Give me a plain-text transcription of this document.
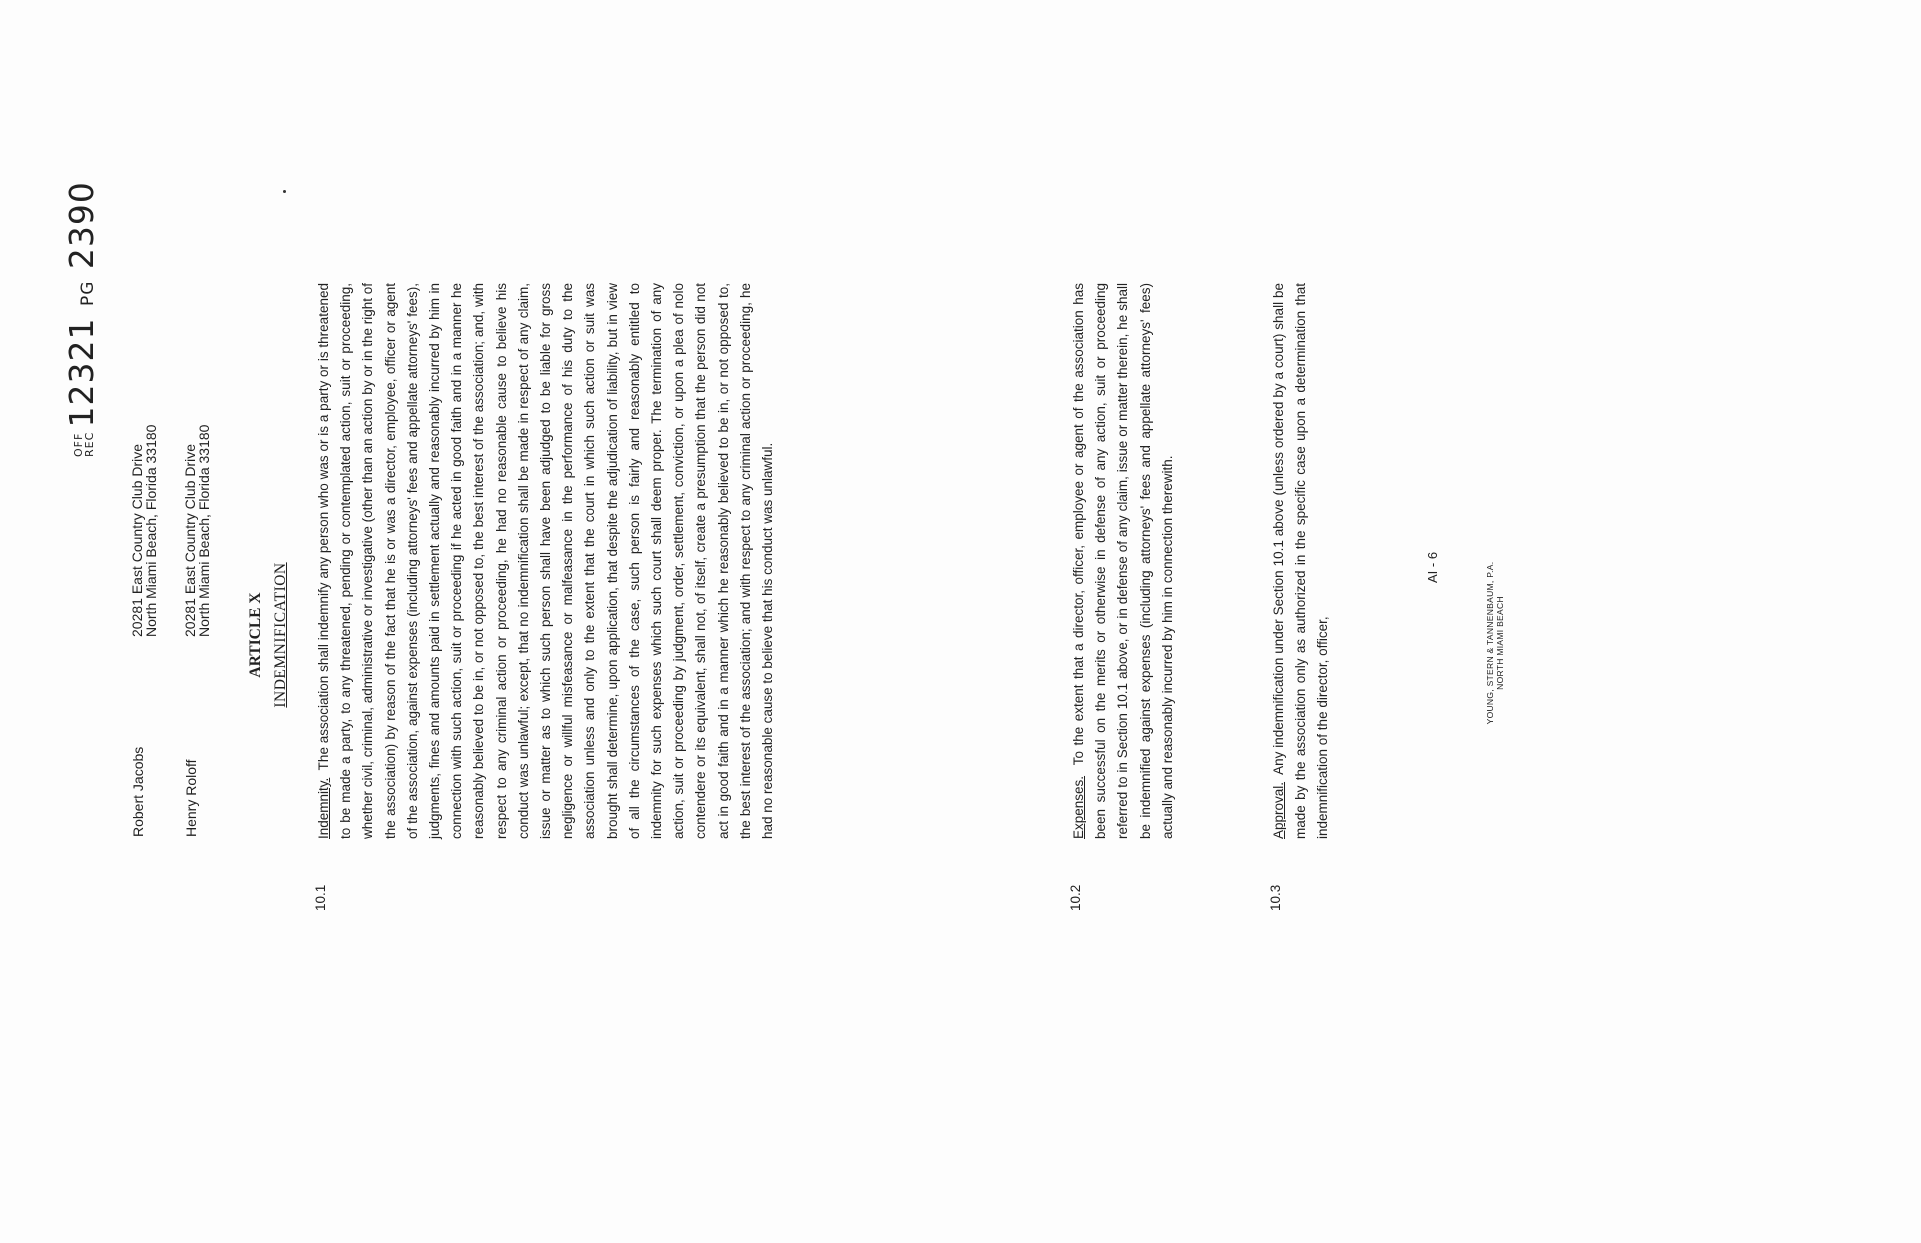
OFF
REC 12321 PG 2390
Robert Jacobs
20281 East Country Club Drive
North Miami Beach, Florida 33180
Henry Roloff
20281 East Country Club Drive
North Miami Beach, Florida 33180 ARTICLE X INDEMNIFICATION
10.1
Indemnity.  The association shall indemnify any person who was or is a party or is threatened to be made a party, to any threatened, pending or contemplated action, suit or proceeding, whether civil, criminal, administrative or investigative (other than an action by or in the right of the association) by reason of the fact that he is or was a director, employee, officer or agent of the association, against expenses (including attorneys' fees and appellate attorneys' fees), judgments, fines and amounts paid in settlement actually and reasonably incurred by him in connection with such action, suit or proceeding if he acted in good faith and in a manner he reasonably believed to be in, or not opposed to, the best interest of the association; and, with respect to any criminal action or proceeding, he had no reasonable cause to believe his conduct was unlawful; except, that no indemnification shall be made in respect of any claim, issue or matter as to which such person shall have been adjudged to be liable for gross negligence or willful misfeasance or malfeasance in the performance of his duty to the association unless and only to the extent that the court in which such action or suit was brought shall determine, upon application, that despite the adjudication of liability, but in view of all the circumstances of the case, such person is fairly and reasonably entitled to indemnity for such expenses which such court shall deem proper. The termination of any action, suit or proceeding by judgment, order, settlement, conviction, or upon a plea of nolo contendere or its equivalent, shall not, of itself, create a presumption that the person did not act in good faith and in a manner which he reasonably believed to be in, or not opposed to, the best interest of the association; and with respect to any criminal action or proceeding, he had no reasonable cause to believe that his conduct was unlawful.
10.2
Expenses.  To the extent that a director, officer, employee or agent of the association has been successful on the merits or otherwise in defense of any action, suit or proceeding referred to in Section 10.1 above, or in defense of any claim, issue or matter therein, he shall be indemnified against expenses (including attorneys' fees and appellate attorneys' fees) actually and reasonably incurred by him in connection therewith.
10.3
Approval.  Any indemnification under Section 10.1 above (unless ordered by a court) shall be made by the association only as authorized in the specific case upon a determination that indemnification of the director, officer,
AI - 6	YOUNG, STERN & TANNENBAUM, P.A. NORTH MIAMI BEACH
